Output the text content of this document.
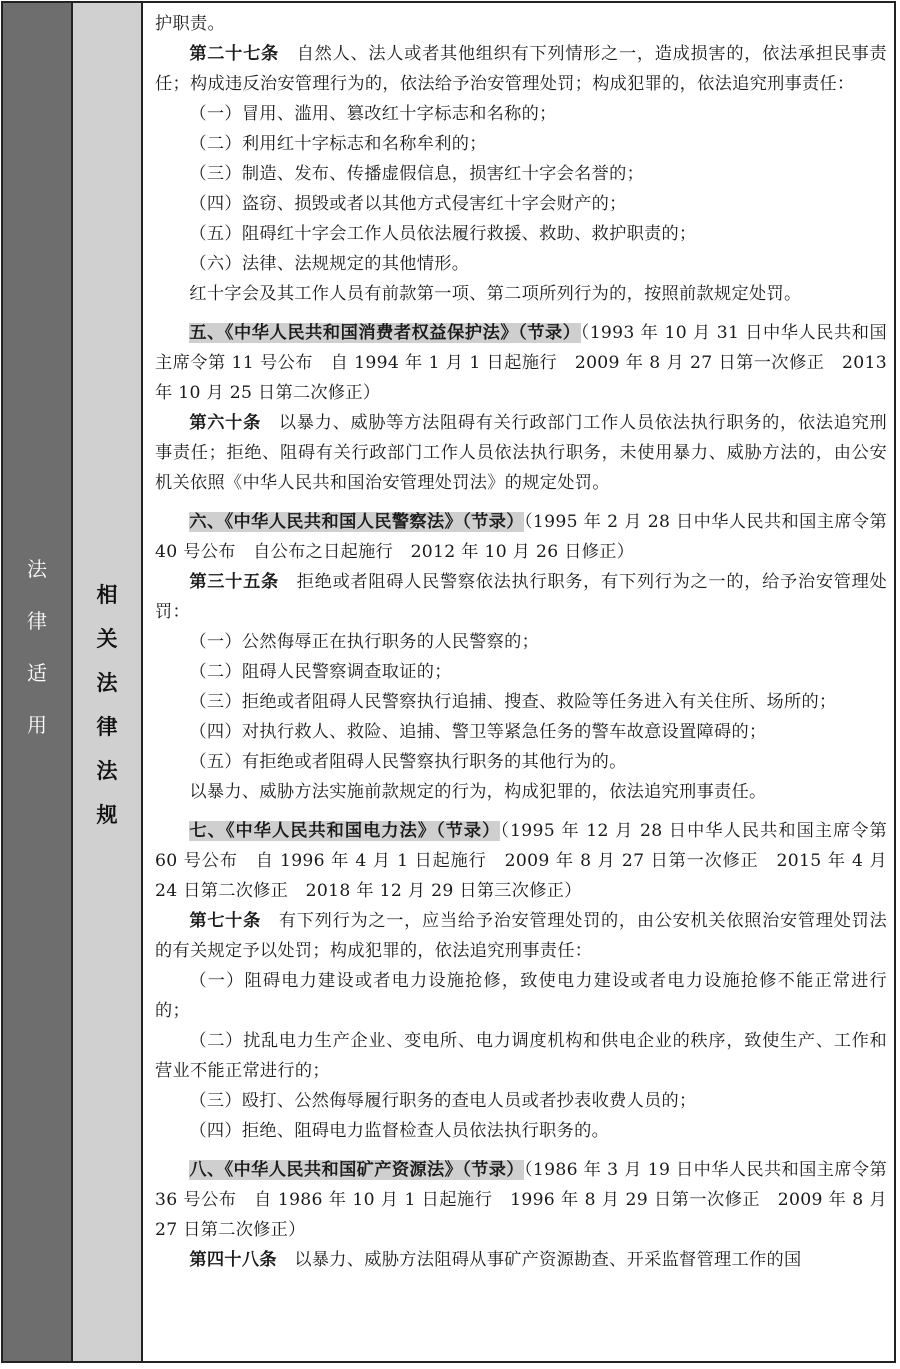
法
律
适
用
相
关
法
律
法
规

护职责。

第二十七条　自然人、法人或者其他组织有下列情形之一，造成损害的，依法承担民事责任；构成违反治安管理行为的，依法给予治安管理处罚；构成犯罪的，依法追究刑事责任：

（一）冒用、滥用、篡改红十字标志和名称的；

（二）利用红十字标志和名称牟利的；

（三）制造、发布、传播虚假信息，损害红十字会名誉的；

（四）盗窃、损毁或者以其他方式侵害红十字会财产的；

（五）阻碍红十字会工作人员依法履行救援、救助、救护职责的；

（六）法律、法规规定的其他情形。

红十字会及其工作人员有前款第一项、第二项所列行为的，按照前款规定处罚。

五、《中华人民共和国消费者权益保护法》（节录）（1993 年 10 月 31 日中华人民共和国主席令第 11 号公布　自 1994 年 1 月 1 日起施行　2009 年 8 月 27 日第一次修正　2013 年 10 月 25 日第二次修正）

第六十条　以暴力、威胁等方法阻碍有关行政部门工作人员依法执行职务的，依法追究刑事责任；拒绝、阻碍有关行政部门工作人员依法执行职务，未使用暴力、威胁方法的，由公安机关依照《中华人民共和国治安管理处罚法》的规定处罚。

六、《中华人民共和国人民警察法》（节录）（1995 年 2 月 28 日中华人民共和国主席令第 40 号公布　自公布之日起施行　2012 年 10 月 26 日修正）

第三十五条　拒绝或者阻碍人民警察依法执行职务，有下列行为之一的，给予治安管理处罚：

（一）公然侮辱正在执行职务的人民警察的；

（二）阻碍人民警察调查取证的；

（三）拒绝或者阻碍人民警察执行追捕、搜查、救险等任务进入有关住所、场所的；

（四）对执行救人、救险、追捕、警卫等紧急任务的警车故意设置障碍的；

（五）有拒绝或者阻碍人民警察执行职务的其他行为的。

以暴力、威胁方法实施前款规定的行为，构成犯罪的，依法追究刑事责任。

七、《中华人民共和国电力法》（节录）（1995 年 12 月 28 日中华人民共和国主席令第 60 号公布　自 1996 年 4 月 1 日起施行　2009 年 8 月 27 日第一次修正　2015 年 4 月 24 日第二次修正　2018 年 12 月 29 日第三次修正）

第七十条　有下列行为之一，应当给予治安管理处罚的，由公安机关依照治安管理处罚法的有关规定予以处罚；构成犯罪的，依法追究刑事责任：

（一）阻碍电力建设或者电力设施抢修，致使电力建设或者电力设施抢修不能正常进行的；

（二）扰乱电力生产企业、变电所、电力调度机构和供电企业的秩序，致使生产、工作和营业不能正常进行的；

（三）殴打、公然侮辱履行职务的查电人员或者抄表收费人员的；

（四）拒绝、阻碍电力监督检查人员依法执行职务的。

八、《中华人民共和国矿产资源法》（节录）（1986 年 3 月 19 日中华人民共和国主席令第 36 号公布　自 1986 年 10 月 1 日起施行　1996 年 8 月 29 日第一次修正　2009 年 8 月 27 日第二次修正）

第四十八条　以暴力、威胁方法阻碍从事矿产资源勘查、开采监督管理工作的国
